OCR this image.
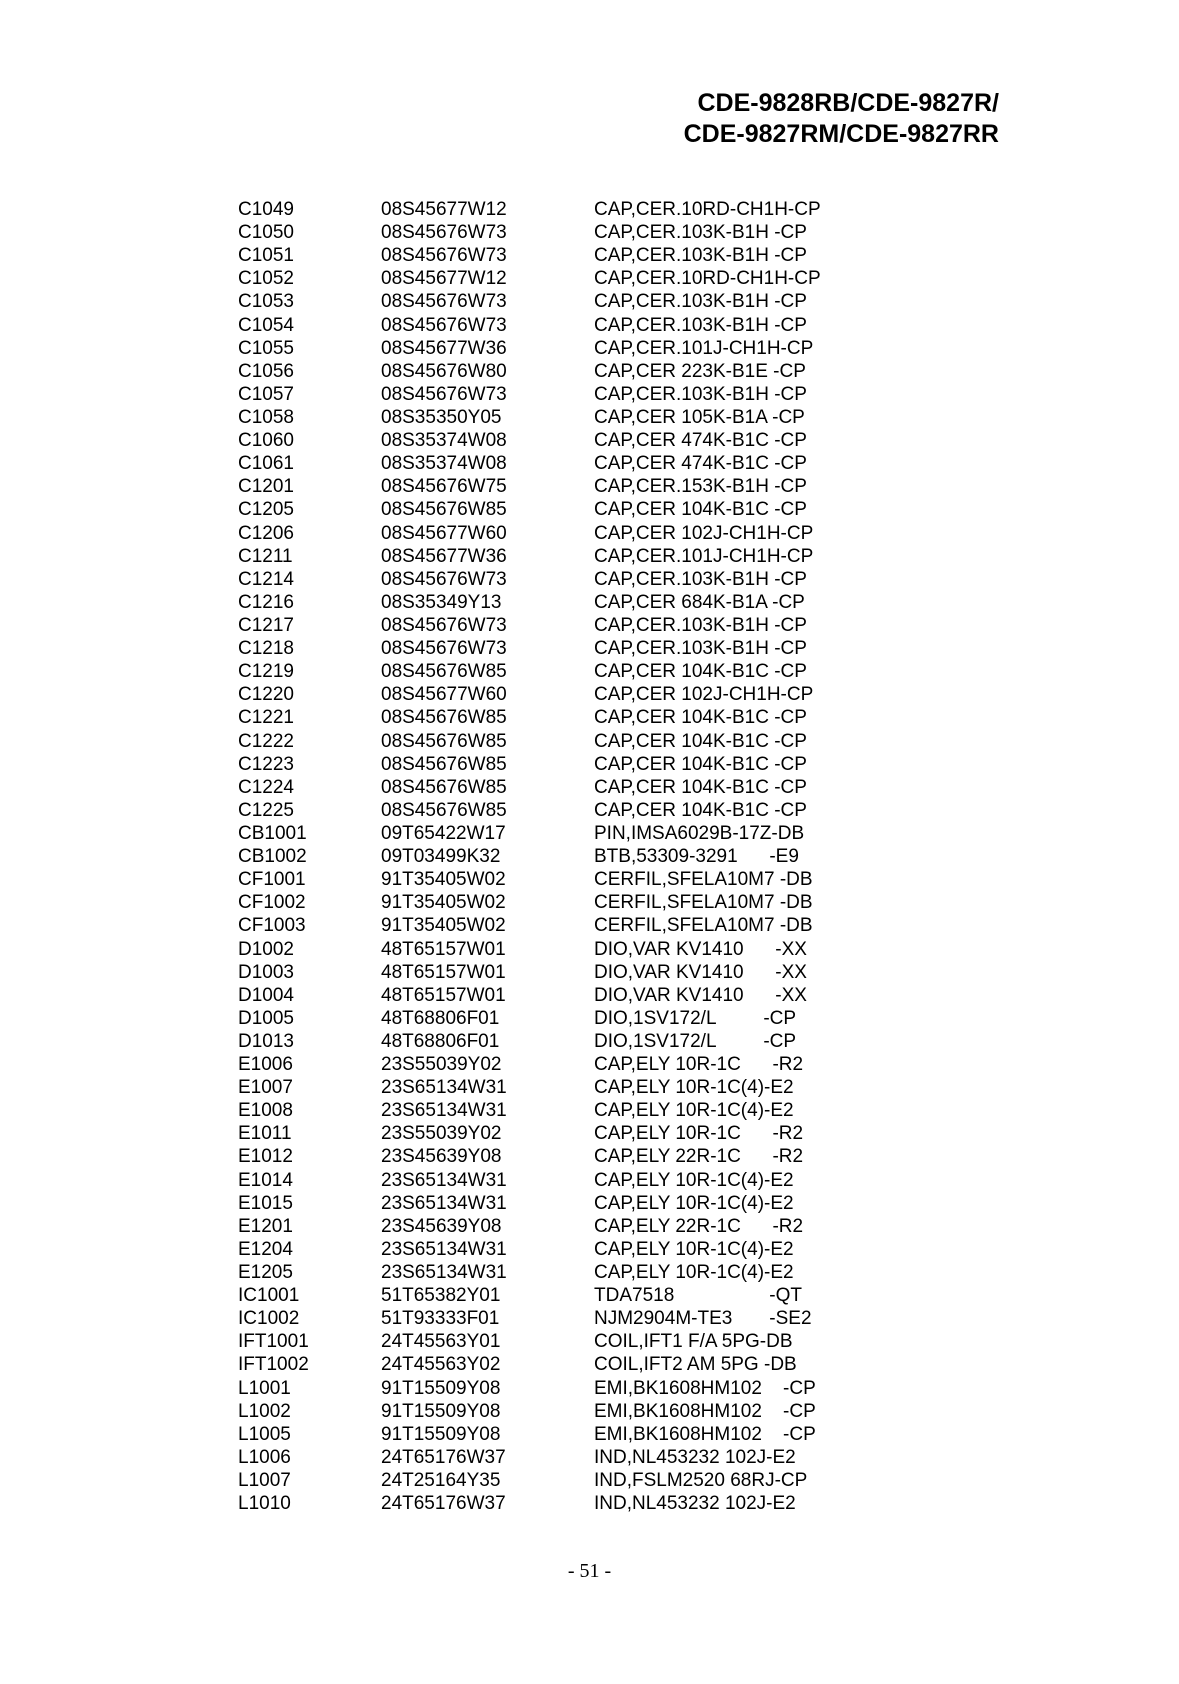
CDE-9828RB/CDE-9827R/
CDE-9827RM/CDE-9827RR
C1049	08S45677W12	CAP,CER.10RD-CH1H-CP
C1050	08S45676W73	CAP,CER.103K-B1H -CP
C1051	08S45676W73	CAP,CER.103K-B1H -CP
C1052	08S45677W12	CAP,CER.10RD-CH1H-CP
C1053	08S45676W73	CAP,CER.103K-B1H -CP
C1054	08S45676W73	CAP,CER.103K-B1H -CP
C1055	08S45677W36	CAP,CER.101J-CH1H-CP
C1056	08S45676W80	CAP,CER 223K-B1E -CP
C1057	08S45676W73	CAP,CER.103K-B1H -CP
C1058	08S35350Y05	CAP,CER 105K-B1A -CP
C1060	08S35374W08	CAP,CER 474K-B1C -CP
C1061	08S35374W08	CAP,CER 474K-B1C -CP
C1201	08S45676W75	CAP,CER.153K-B1H -CP
C1205	08S45676W85	CAP,CER 104K-B1C -CP
C1206	08S45677W60	CAP,CER 102J-CH1H-CP
C1211	08S45677W36	CAP,CER.101J-CH1H-CP
C1214	08S45676W73	CAP,CER.103K-B1H -CP
C1216	08S35349Y13	CAP,CER 684K-B1A -CP
C1217	08S45676W73	CAP,CER.103K-B1H -CP
C1218	08S45676W73	CAP,CER.103K-B1H -CP
C1219	08S45676W85	CAP,CER 104K-B1C -CP
C1220	08S45677W60	CAP,CER 102J-CH1H-CP
C1221	08S45676W85	CAP,CER 104K-B1C -CP
C1222	08S45676W85	CAP,CER 104K-B1C -CP
C1223	08S45676W85	CAP,CER 104K-B1C -CP
C1224	08S45676W85	CAP,CER 104K-B1C -CP
C1225	08S45676W85	CAP,CER 104K-B1C -CP
CB1001	09T65422W17	PIN,IMSA6029B-17Z-DB
CB1002	09T03499K32	BTB,53309-3291      -E9
CF1001	91T35405W02	CERFIL,SFELA10M7 -DB
CF1002	91T35405W02	CERFIL,SFELA10M7 -DB
CF1003	91T35405W02	CERFIL,SFELA10M7 -DB
D1002	48T65157W01	DIO,VAR KV1410      -XX
D1003	48T65157W01	DIO,VAR KV1410      -XX
D1004	48T65157W01	DIO,VAR KV1410      -XX
D1005	48T68806F01	DIO,1SV172/L         -CP
D1013	48T68806F01	DIO,1SV172/L         -CP
E1006	23S55039Y02	CAP,ELY 10R-1C      -R2
E1007	23S65134W31	CAP,ELY 10R-1C(4)-E2
E1008	23S65134W31	CAP,ELY 10R-1C(4)-E2
E1011	23S55039Y02	CAP,ELY 10R-1C      -R2
E1012	23S45639Y08	CAP,ELY 22R-1C      -R2
E1014	23S65134W31	CAP,ELY 10R-1C(4)-E2
E1015	23S65134W31	CAP,ELY 10R-1C(4)-E2
E1201	23S45639Y08	CAP,ELY 22R-1C      -R2
E1204	23S65134W31	CAP,ELY 10R-1C(4)-E2
E1205	23S65134W31	CAP,ELY 10R-1C(4)-E2
IC1001	51T65382Y01	TDA7518                  -QT
IC1002	51T93333F01	NJM2904M-TE3       -SE2
IFT1001	24T45563Y01	COIL,IFT1 F/A 5PG-DB
IFT1002	24T45563Y02	COIL,IFT2 AM 5PG -DB
L1001	91T15509Y08	EMI,BK1608HM102    -CP
L1002	91T15509Y08	EMI,BK1608HM102    -CP
L1005	91T15509Y08	EMI,BK1608HM102    -CP
L1006	24T65176W37	IND,NL453232 102J-E2
L1007	24T25164Y35	IND,FSLM2520 68RJ-CP
L1010	24T65176W37	IND,NL453232 102J-E2
- 51 -
